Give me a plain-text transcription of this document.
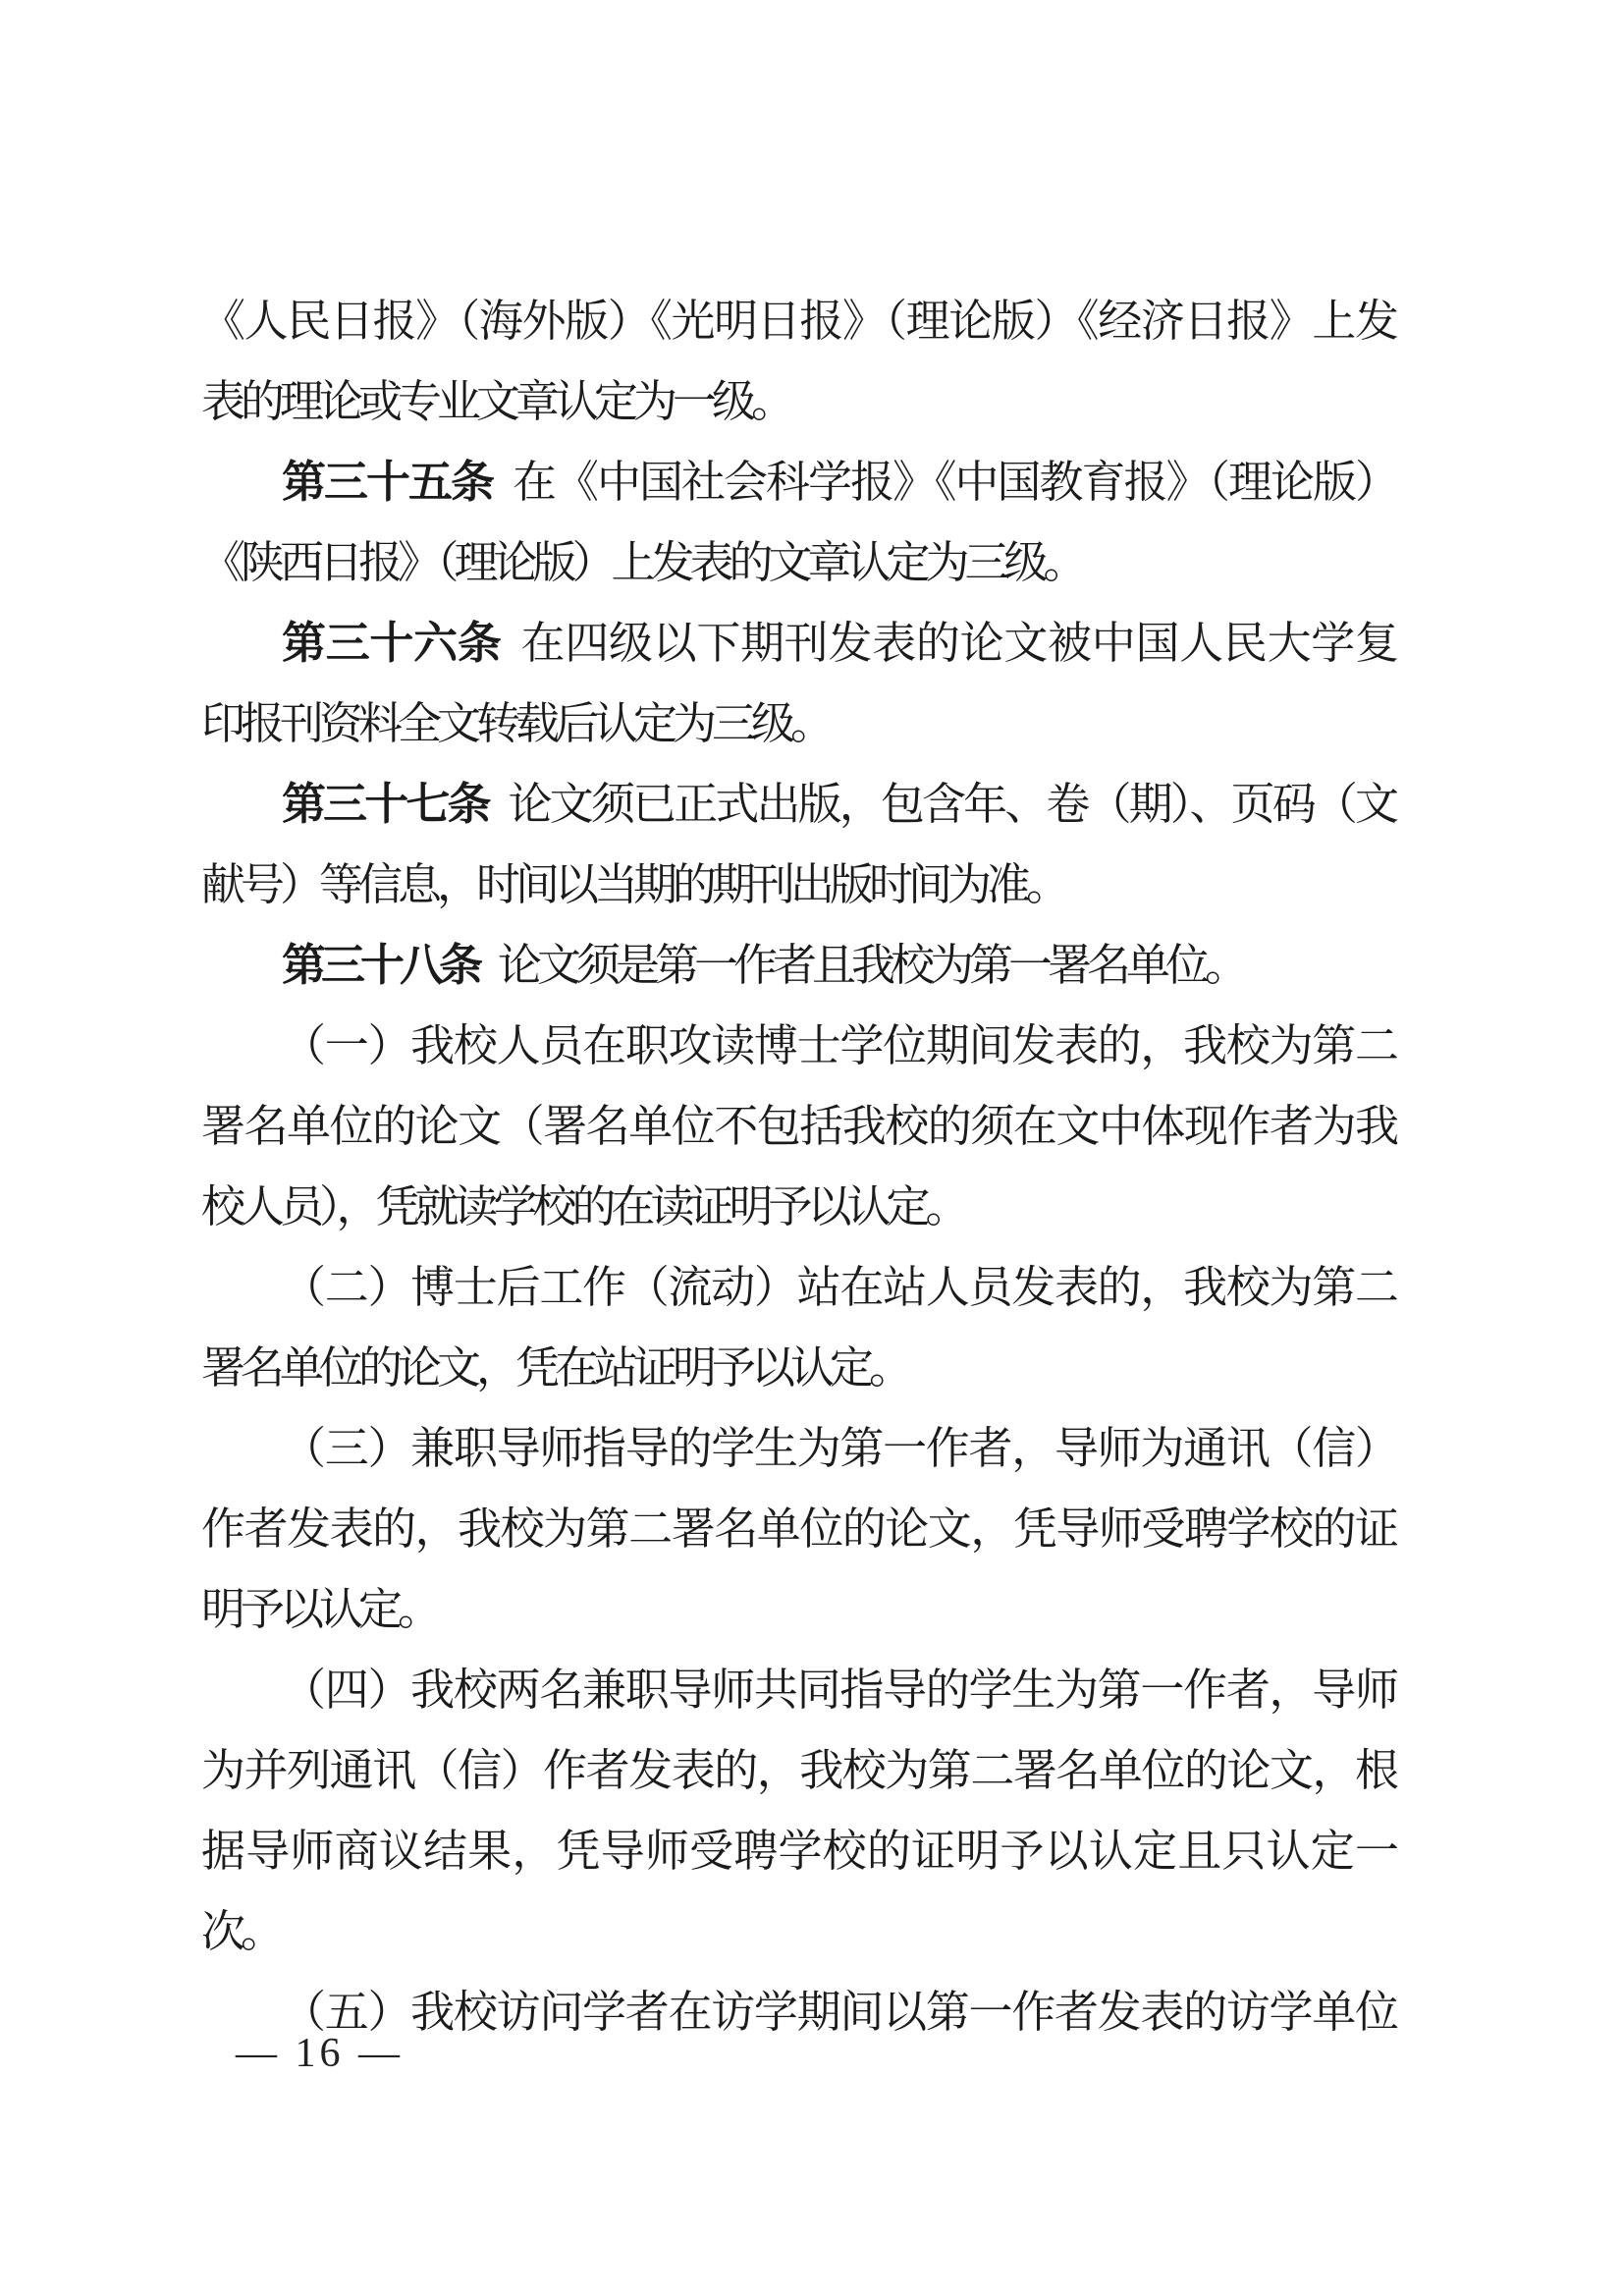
《人民日报》（海外版）《光明日报》（理论版）《经济日报》上发
表的理论或专业文章认定为一级。
第三十五条 在《中国社会科学报》《中国教育报》（理论版）
《陕西日报》（理论版）上发表的文章认定为三级。
第三十六条 在四级以下期刊发表的论文被中国人民大学复
印报刊资料全文转载后认定为三级。
第三十七条 论文须已正式出版，包含年、卷（期）、页码（文
献号）等信息，时间以当期的期刊出版时间为准。
第三十八条 论文须是第一作者且我校为第一署名单位。
（一）我校人员在职攻读博士学位期间发表的，我校为第二
署名单位的论文（署名单位不包括我校的须在文中体现作者为我
校人员），凭就读学校的在读证明予以认定。
（二）博士后工作（流动）站在站人员发表的，我校为第二
署名单位的论文，凭在站证明予以认定。
（三）兼职导师指导的学生为第一作者，导师为通讯（信）
作者发表的，我校为第二署名单位的论文，凭导师受聘学校的证
明予以认定。
（四）我校两名兼职导师共同指导的学生为第一作者，导师
为并列通讯（信）作者发表的，我校为第二署名单位的论文，根
据导师商议结果，凭导师受聘学校的证明予以认定且只认定一
次。
（五）我校访问学者在访学期间以第一作者发表的访学单位
— 16 —
